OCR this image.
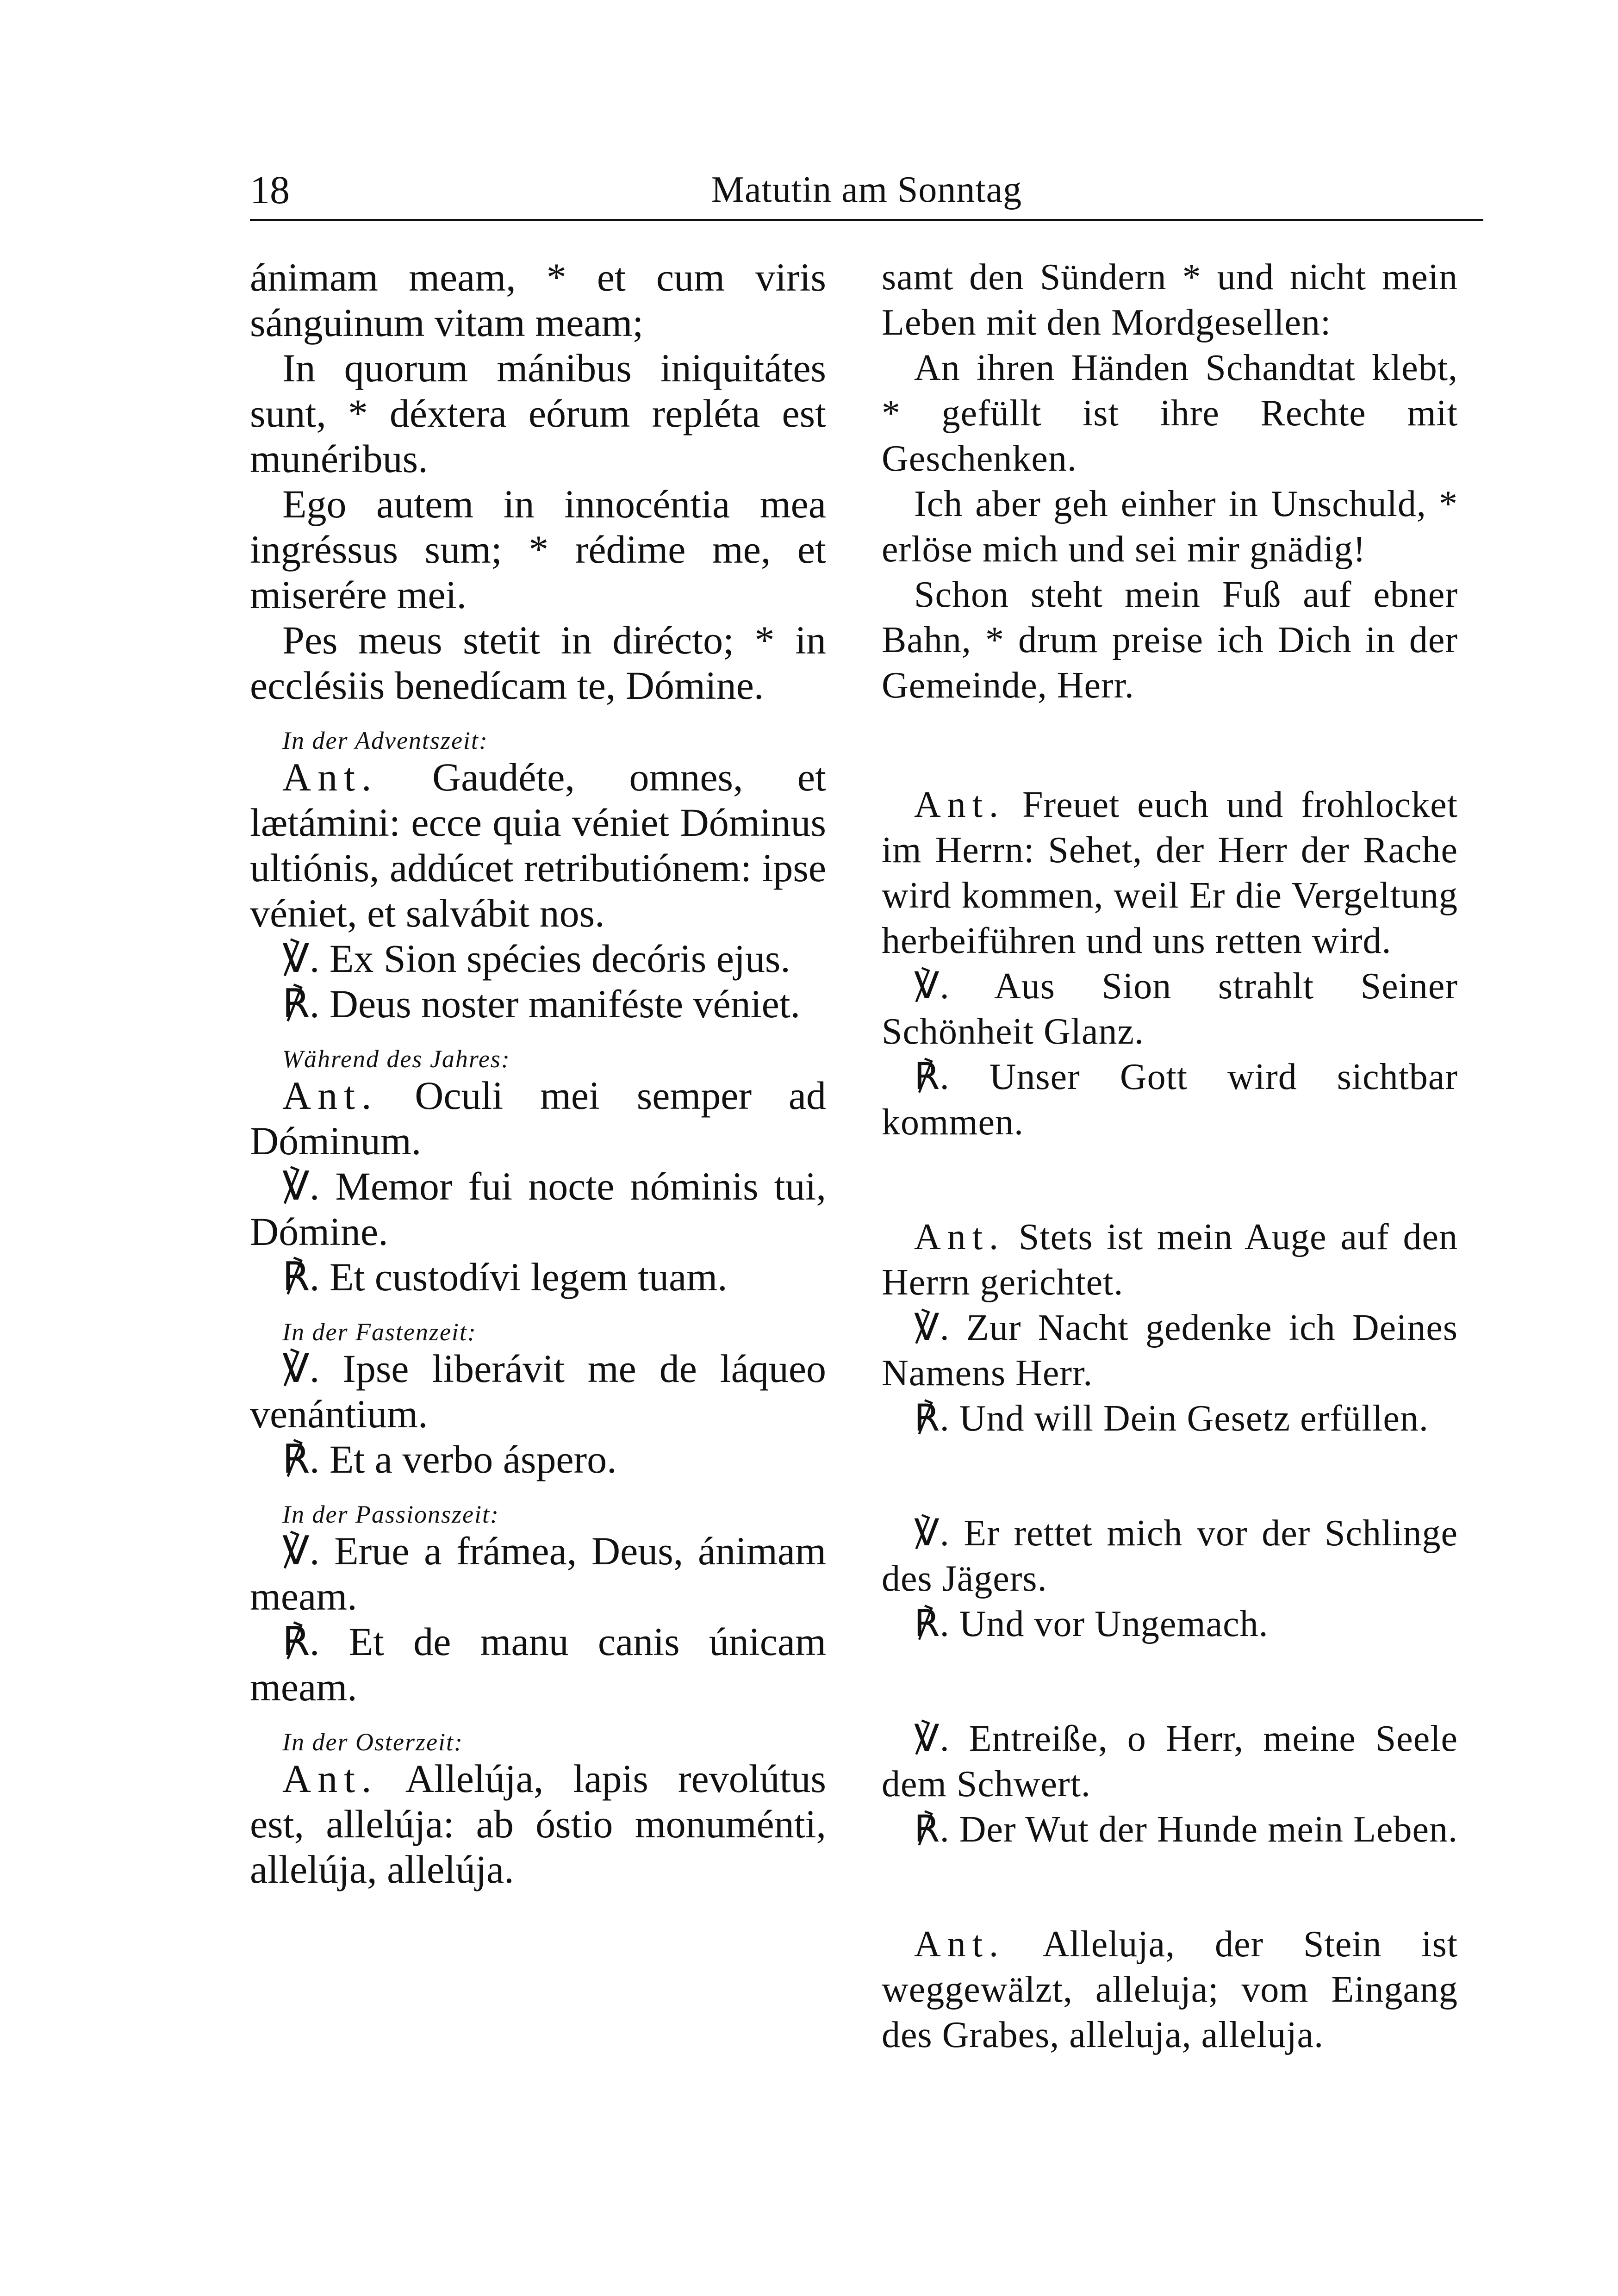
18	Matutin am Sonntag

ánimam meam, * et cum viris sánguinum vitam meam;

In quorum mánibus iniquitátes sunt, * déxtera eórum repléta est munéribus.

Ego autem in innocéntia mea ingréssus sum; * rédime me, et miserére mei.

Pes meus stetit in dirécto; * in ecclésiis benedícam te, Dómine.

In der Adventszeit:

Ant. Gaudéte, omnes, et lætámini: ecce quia véniet Dóminus ultiónis, addúcet retributiónem: ipse véniet, et salvábit nos.

℣. Ex Sion spécies decóris ejus.

℟. Deus noster maniféste véniet.

Während des Jahres:

Ant. Oculi mei semper ad Dóminum.

℣. Memor fui nocte nóminis tui, Dómine.

℟. Et custodívi legem tuam.

In der Fastenzeit:

℣. Ipse liberávit me de láqueo venántium.

℟. Et a verbo áspero.

In der Passionszeit:

℣. Erue a frámea, Deus, ánimam meam.

℟. Et de manu canis únicam meam.

In der Osterzeit:

Ant. Allelúja, lapis revolútus est, allelúja: ab óstio monuménti, allelúja, allelúja.

samt den Sündern * und nicht mein Leben mit den Mordgesellen:

An ihren Händen Schandtat klebt, * gefüllt ist ihre Rechte mit Geschenken.

Ich aber geh einher in Unschuld, * erlöse mich und sei mir gnädig!

Schon steht mein Fuß auf ebner Bahn, * drum preise ich Dich in der Gemeinde, Herr.

Ant. Freuet euch und frohlocket im Herrn: Sehet, der Herr der Rache wird kommen, weil Er die Vergeltung herbeiführen und uns retten wird.

℣. Aus Sion strahlt Seiner Schönheit Glanz.

℟. Unser Gott wird sichtbar kommen.

Ant. Stets ist mein Auge auf den Herrn gerichtet.

℣. Zur Nacht gedenke ich Deines Namens Herr.

℟. Und will Dein Gesetz erfüllen.

℣. Er rettet mich vor der Schlinge des Jägers.

℟. Und vor Ungemach.

℣. Entreiße, o Herr, meine Seele dem Schwert.

℟. Der Wut der Hunde mein Leben.

Ant. Alleluja, der Stein ist weggewälzt, alleluja; vom Eingang des Grabes, alleluja, alleluja.
